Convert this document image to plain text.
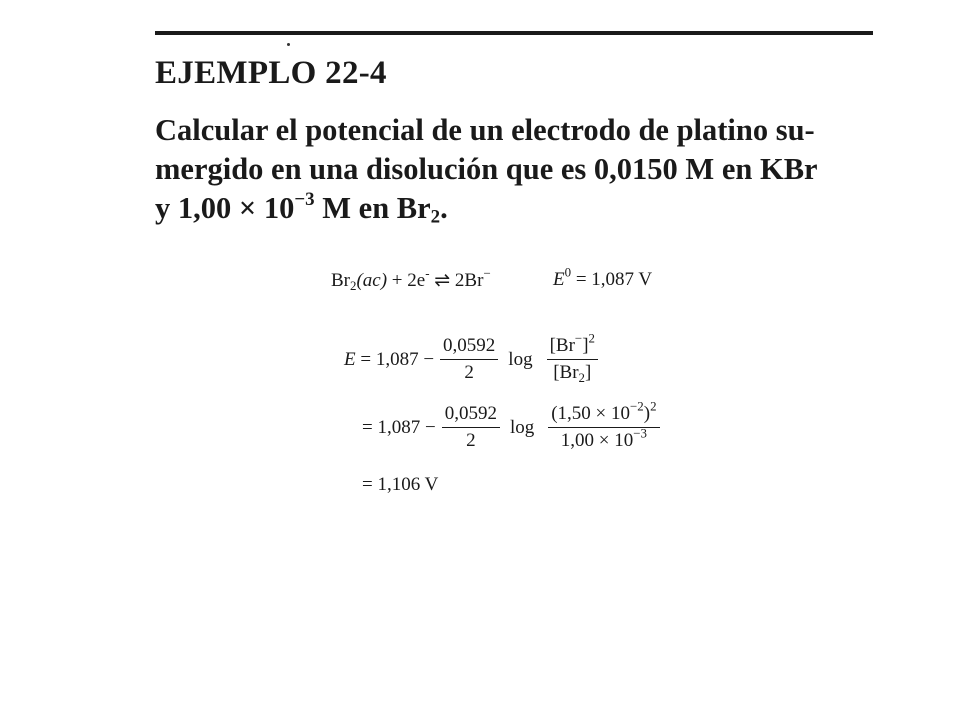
EJEMPLO 22-4
Calcular el potencial de un electrodo de platino su-
mergido en una disolución que es 0,0150 M en KBr
y $1,00 \times 10^{-3}$ M en $Br_2$.
$Br_2(ac) + 2e^-$ ⇌ 2Br−	$E^0 = 1,087$ V
$E = 1,087 - \frac{0,0592}{2}$ $\log \frac{[Br^-]^2}{[Br_2]}$
= $1,087 - \frac{0,0592}{2}$ $\log \frac{(1,50 \times 10^{-2})^2}{1,00 \times 10^{-3}}$
= 1,106 V
